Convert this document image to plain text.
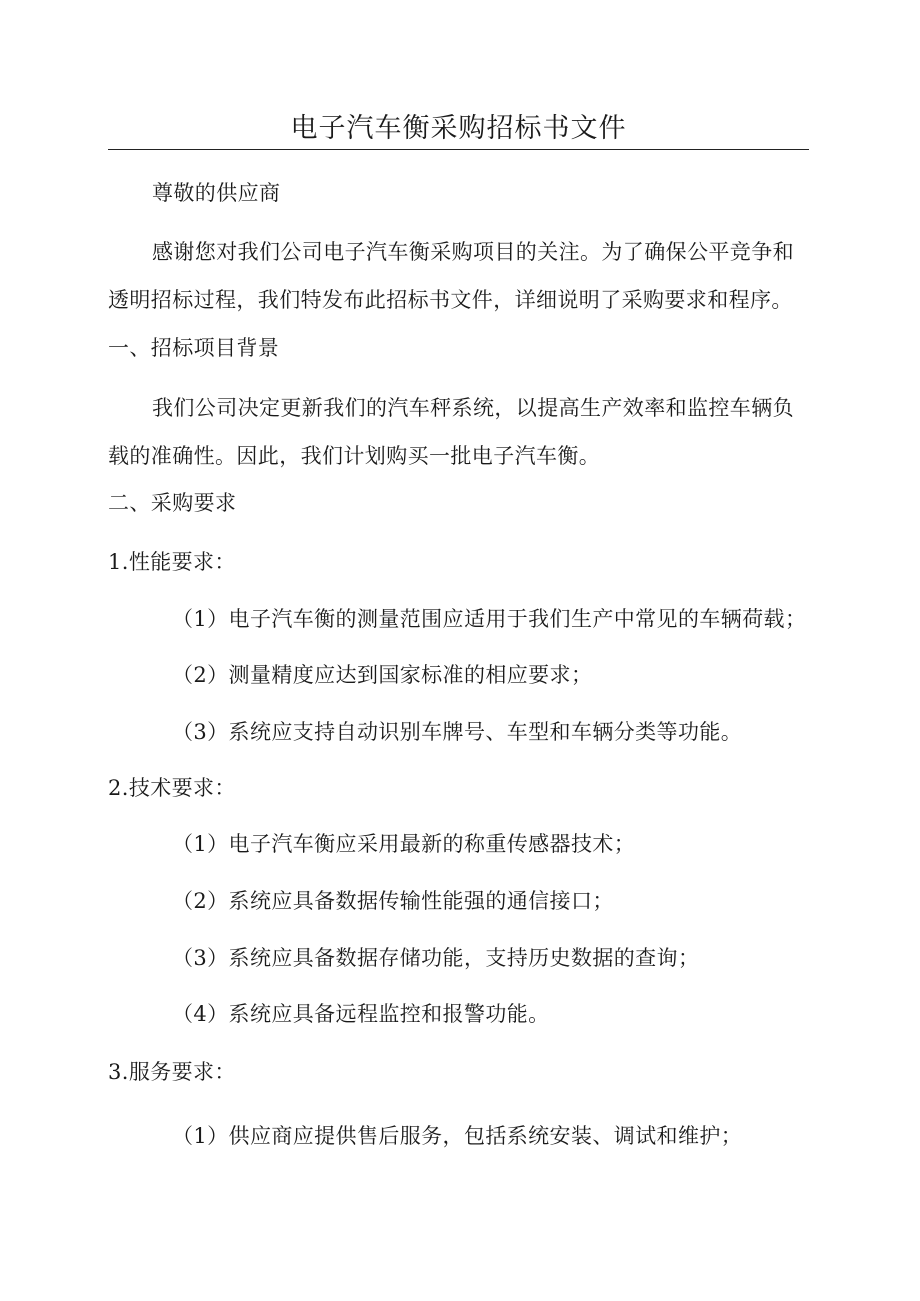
电子汽车衡采购招标书文件
尊敬的供应商
感谢您对我们公司电子汽车衡采购项目的关注。为了确保公平竞争和透明招标过程，我们特发布此招标书文件，详细说明了采购要求和程序。
一、招标项目背景
我们公司决定更新我们的汽车秤系统，以提高生产效率和监控车辆负载的准确性。因此，我们计划购买一批电子汽车衡。
二、采购要求
1.性能要求：
（1）电子汽车衡的测量范围应适用于我们生产中常见的车辆荷载；
（2）测量精度应达到国家标准的相应要求；
（3）系统应支持自动识别车牌号、车型和车辆分类等功能。
2.技术要求：
（1）电子汽车衡应采用最新的称重传感器技术；
（2）系统应具备数据传输性能强的通信接口；
（3）系统应具备数据存储功能，支持历史数据的查询；
（4）系统应具备远程监控和报警功能。
3.服务要求：
（1）供应商应提供售后服务，包括系统安装、调试和维护；
